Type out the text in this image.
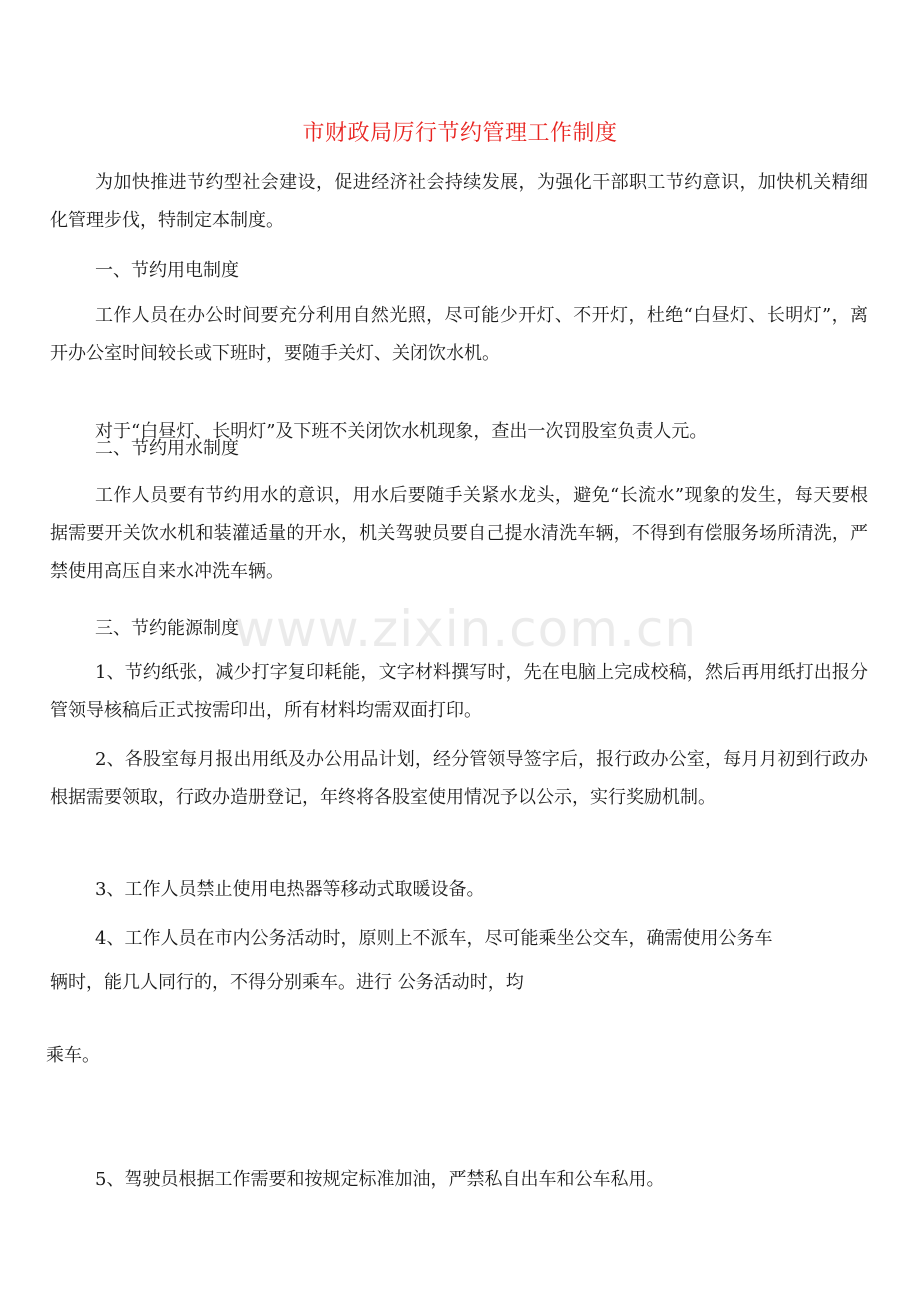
市财政局厉行节约管理工作制度
为加快推进节约型社会建设，促进经济社会持续发展，为强化干部职工节约意识，加快机关精细化管理步伐，特制定本制度。
一、节约用电制度
工作人员在办公时间要充分利用自然光照，尽可能少开灯、不开灯，杜绝“白昼灯、长明灯”，离开办公室时间较长或下班时，要随手关灯、关闭饮水机。
对于“白昼灯、长明灯”及下班不关闭饮水机现象，查出一次罚股室负责人元。
二、节约用水制度
工作人员要有节约用水的意识，用水后要随手关紧水龙头，避免“长流水”现象的发生，每天要根据需要开关饮水机和装灌适量的开水，机关驾驶员要自己提水清洗车辆，不得到有偿服务场所清洗，严禁使用高压自来水冲洗车辆。
三、节约能源制度
1、节约纸张，减少打字复印耗能，文字材料撰写时，先在电脑上完成校稿，然后再用纸打出报分管领导核稿后正式按需印出，所有材料均需双面打印。
2、各股室每月报出用纸及办公用品计划，经分管领导签字后，报行政办公室，每月月初到行政办根据需要领取，行政办造册登记，年终将各股室使用情况予以公示，实行奖励机制。
3、工作人员禁止使用电热器等移动式取暖设备。
4、工作人员在市内公务活动时，原则上不派车，尽可能乘坐公交车，确需使用公务车
辆时，能几人同行的，不得分别乘车。进行 公务活动时，均
乘车。
5、驾驶员根据工作需要和按规定标准加油，严禁私自出车和公车私用。
www.zixin.com.cn
